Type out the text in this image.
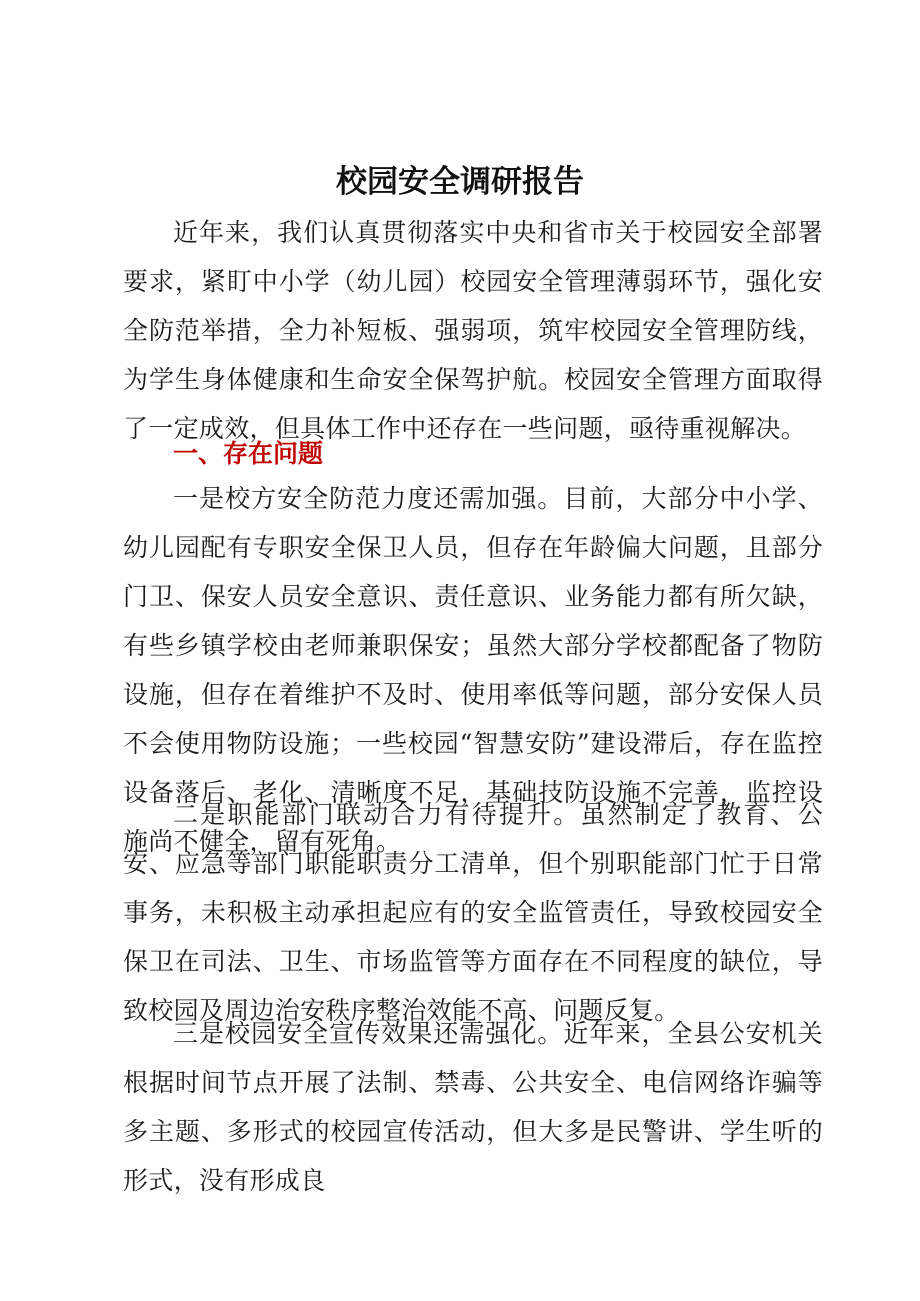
校园安全调研报告

近年来，我们认真贯彻落实中央和省市关于校园安全部署要求，紧盯中小学（幼儿园）校园安全管理薄弱环节，强化安全防范举措，全力补短板、强弱项，筑牢校园安全管理防线，为学生身体健康和生命安全保驾护航。校园安全管理方面取得了一定成效，但具体工作中还存在一些问题，亟待重视解决。

一、存在问题

一是校方安全防范力度还需加强。目前，大部分中小学、幼儿园配有专职安全保卫人员，但存在年龄偏大问题，且部分门卫、保安人员安全意识、责任意识、业务能力都有所欠缺，有些乡镇学校由老师兼职保安；虽然大部分学校都配备了物防设施，但存在着维护不及时、使用率低等问题，部分安保人员不会使用物防设施；一些校园“智慧安防”建设滞后，存在监控设备落后、老化、清晰度不足，基础技防设施不完善，监控设施尚不健全，留有死角。

二是职能部门联动合力有待提升。虽然制定了教育、公安、应急等部门职能职责分工清单，但个别职能部门忙于日常事务，未积极主动承担起应有的安全监管责任，导致校园安全保卫在司法、卫生、市场监管等方面存在不同程度的缺位，导致校园及周边治安秩序整治效能不高、问题反复。

三是校园安全宣传效果还需强化。近年来，全县公安机关根据时间节点开展了法制、禁毒、公共安全、电信网络诈骗等多主题、多形式的校园宣传活动，但大多是民警讲、学生听的形式，没有形成良
